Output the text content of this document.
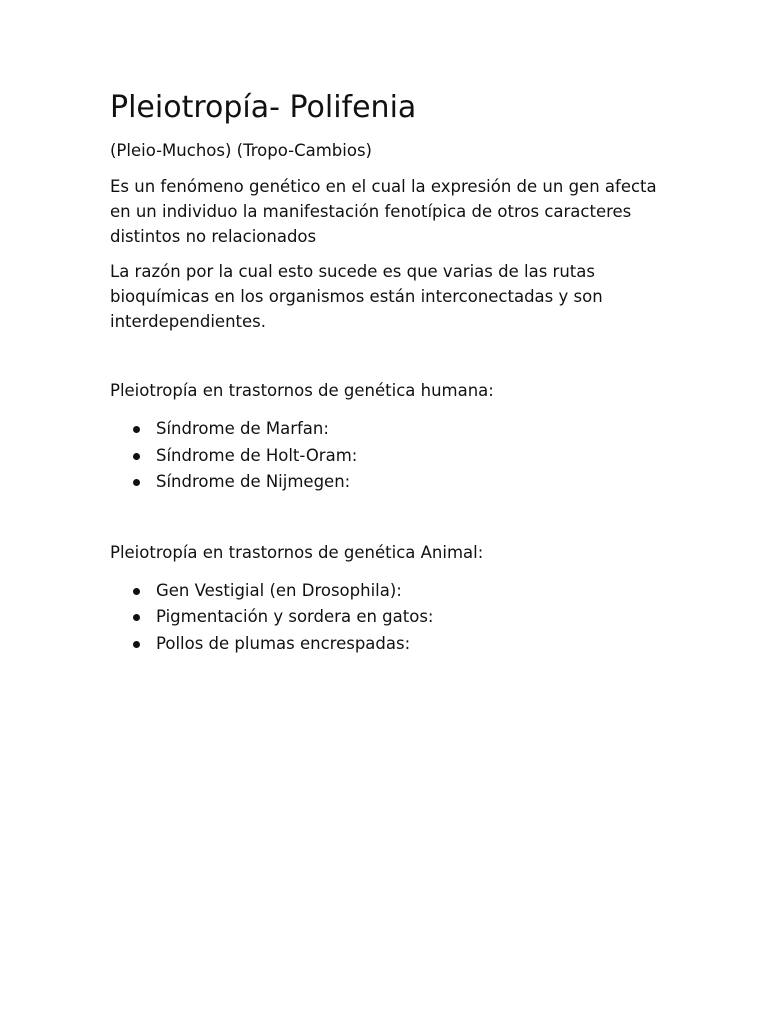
Pleiotropía- Polifenia

(Pleio-Muchos) (Tropo-Cambios)

Es un fenómeno genético en el cual la expresión de un gen afecta en un individuo la manifestación fenotípica de otros caracteres distintos no relacionados

La razón por la cual esto sucede es que varias de las rutas bioquímicas en los organismos están interconectadas y son interdependientes.

Pleiotropía en trastornos de genética humana:

Síndrome de Marfan:
Síndrome de Holt-Oram:
Síndrome de Nijmegen:

Pleiotropía en trastornos de genética Animal:

Gen Vestigial (en Drosophila):
Pigmentación y sordera en gatos:
Pollos de plumas encrespadas:
